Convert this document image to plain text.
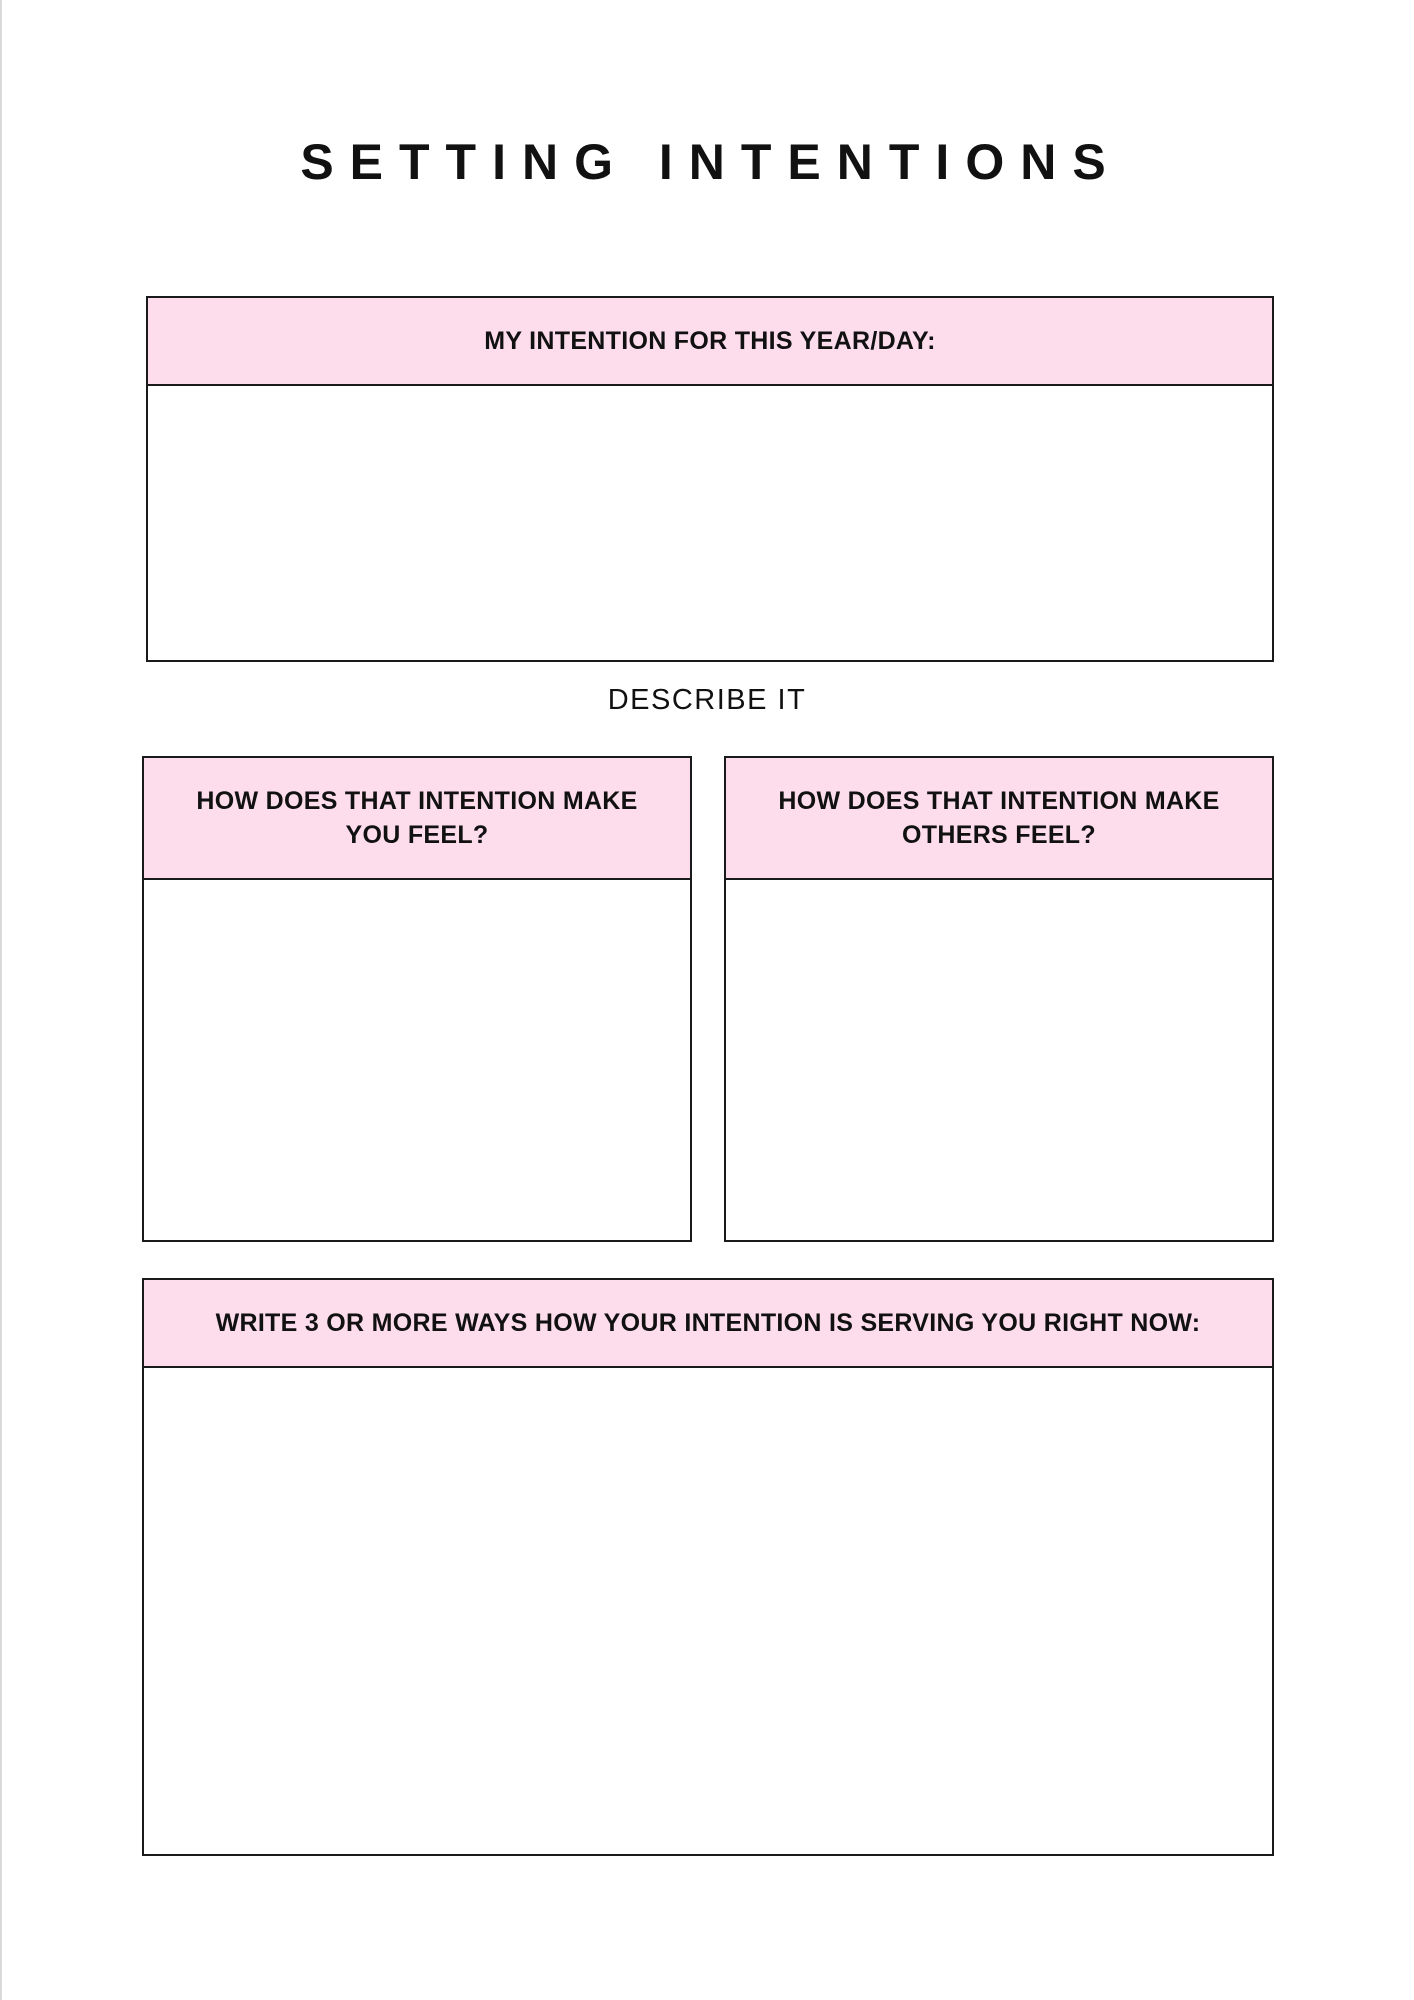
SETTING INTENTIONS
MY INTENTION FOR THIS YEAR/DAY:
DESCRIBE IT
HOW DOES THAT INTENTION MAKE YOU FEEL?
HOW DOES THAT INTENTION MAKE OTHERS FEEL?
WRITE 3 OR MORE WAYS HOW YOUR INTENTION IS SERVING YOU RIGHT NOW:
